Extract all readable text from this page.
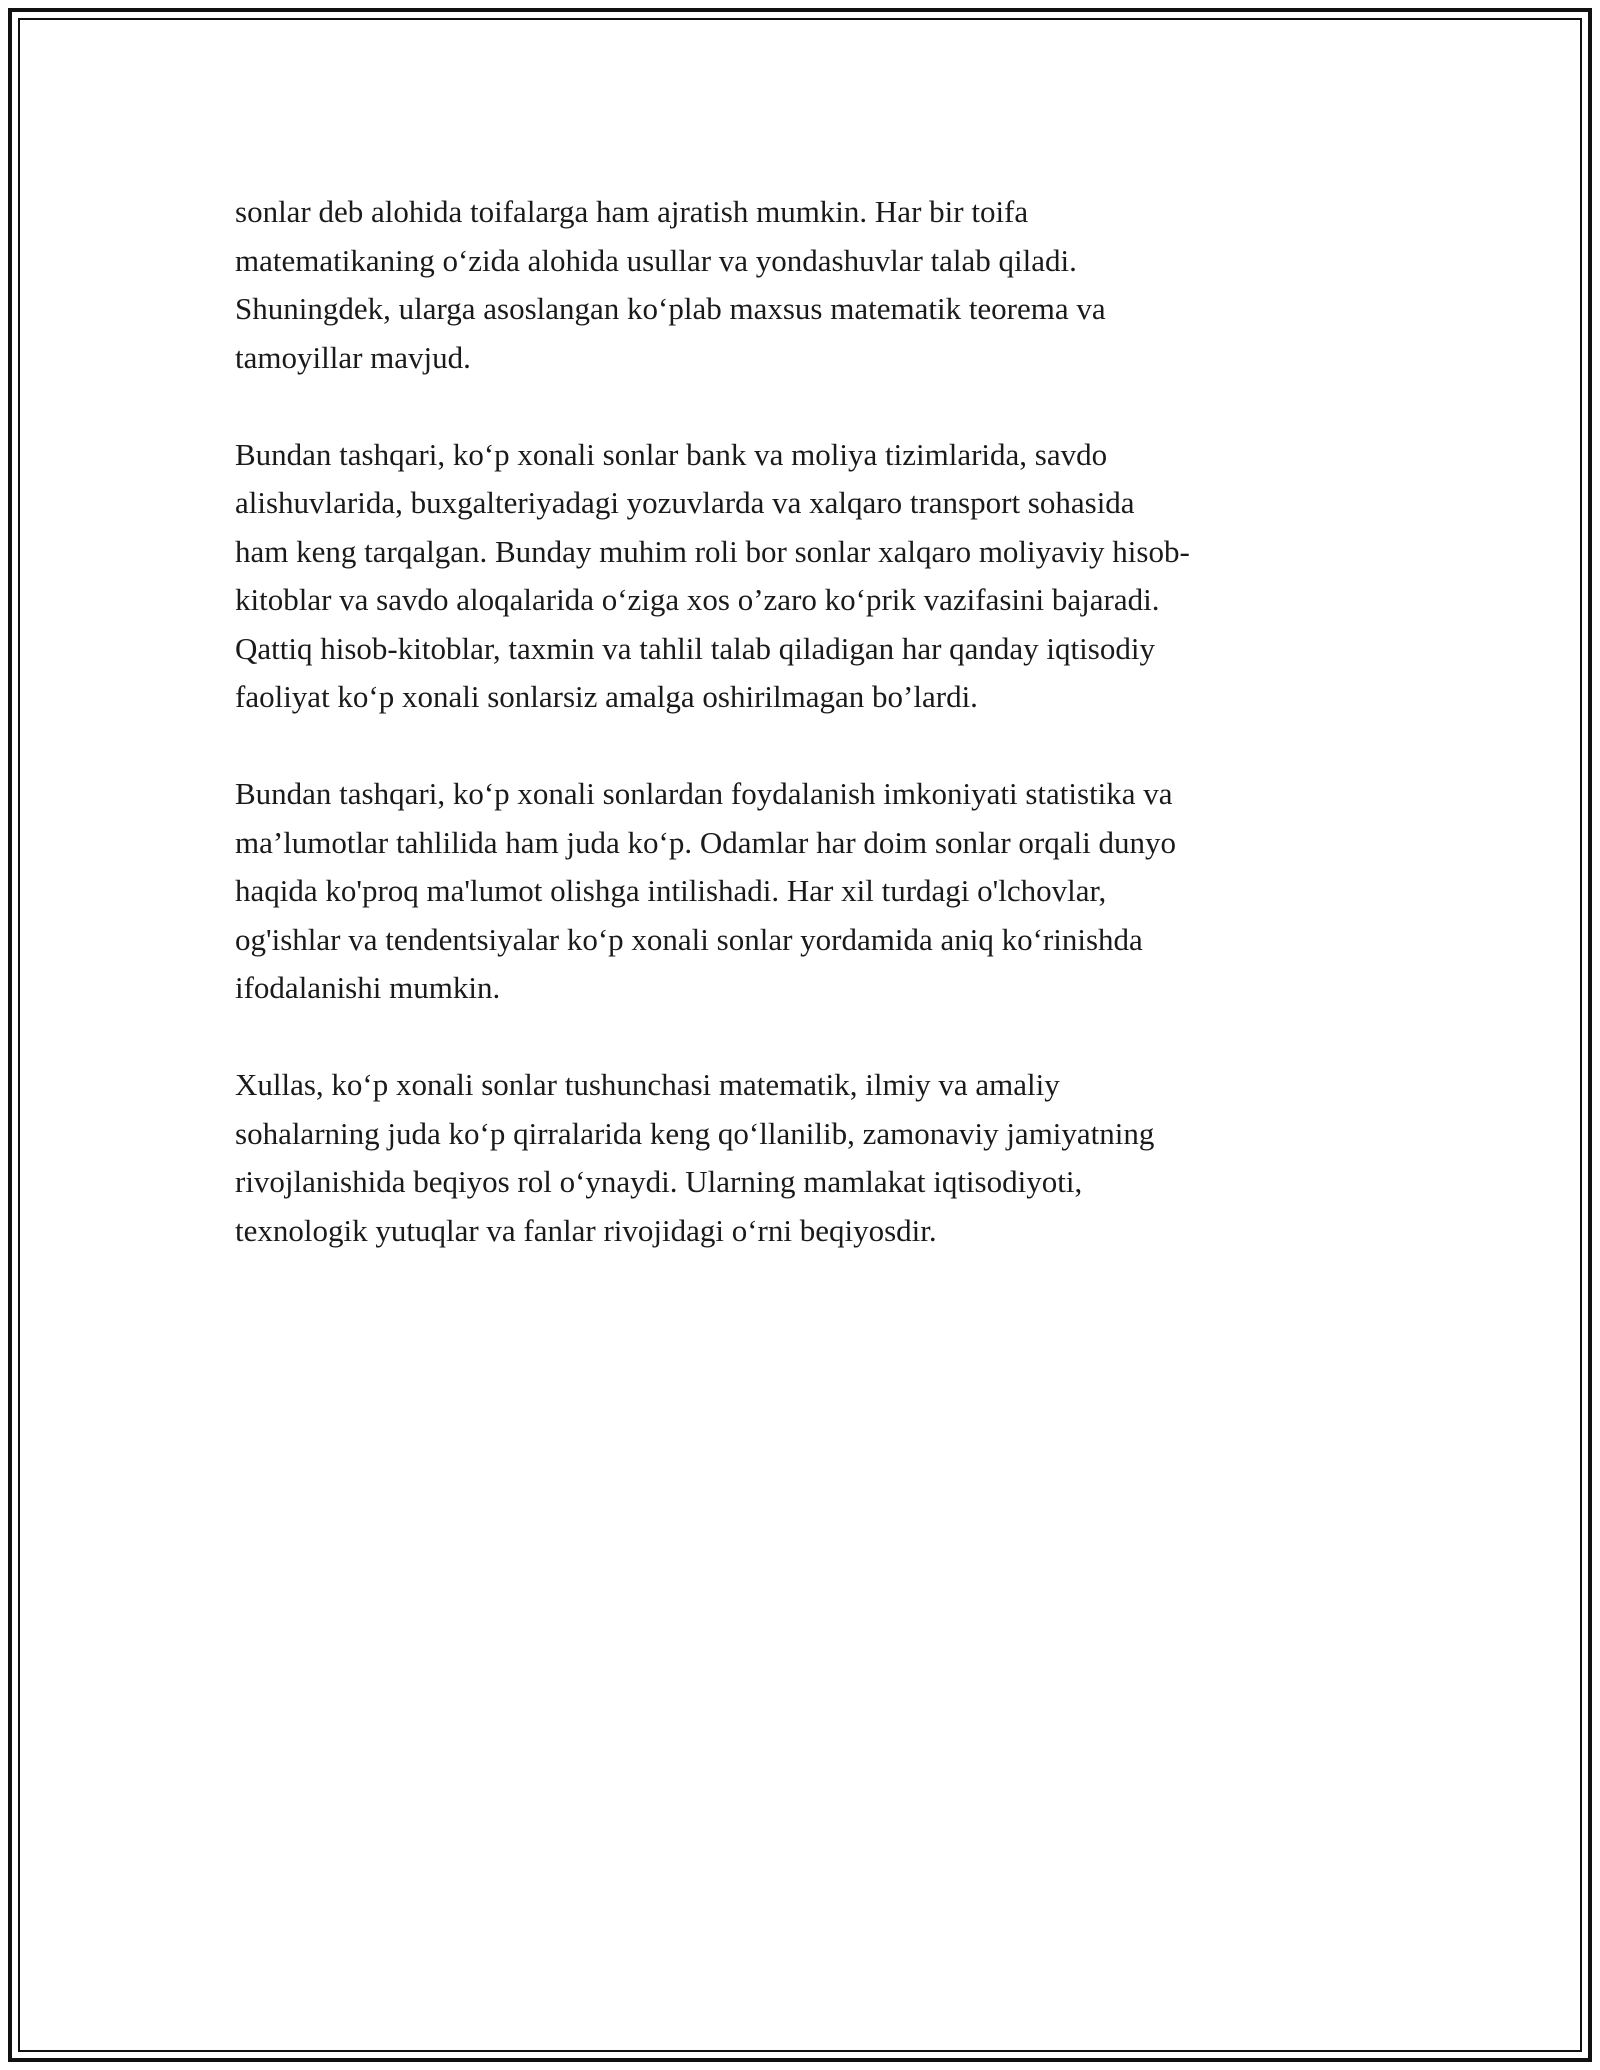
sonlar deb alohida toifalarga ham ajratish mumkin. Har bir toifa
matematikaning o‘zida alohida usullar va yondashuvlar talab qiladi.
Shuningdek, ularga asoslangan ko‘plab maxsus matematik teorema va
tamoyillar mavjud.

Bundan tashqari, ko‘p xonali sonlar bank va moliya tizimlarida, savdo
alishuvlarida, buxgalteriyadagi yozuvlarda va xalqaro transport sohasida
ham keng tarqalgan. Bunday muhim roli bor sonlar xalqaro moliyaviy hisob-
kitoblar va savdo aloqalarida o‘ziga xos o’zaro ko‘prik vazifasini bajaradi.
Qattiq hisob-kitoblar, taxmin va tahlil talab qiladigan har qanday iqtisodiy
faoliyat ko‘p xonali sonlarsiz amalga oshirilmagan bo’lardi.

Bundan tashqari, ko‘p xonali sonlardan foydalanish imkoniyati statistika va
ma’lumotlar tahlilida ham juda ko‘p. Odamlar har doim sonlar orqali dunyo
haqida ko'proq ma'lumot olishga intilishadi. Har xil turdagi o'lchovlar,
og'ishlar va tendentsiyalar ko‘p xonali sonlar yordamida aniq ko‘rinishda
ifodalanishi mumkin.

Xullas, ko‘p xonali sonlar tushunchasi matematik, ilmiy va amaliy
sohalarning juda ko‘p qirralarida keng qo‘llanilib, zamonaviy jamiyatning
rivojlanishida beqiyos rol o‘ynaydi. Ularning mamlakat iqtisodiyoti,
texnologik yutuqlar va fanlar rivojidagi o‘rni beqiyosdir.
